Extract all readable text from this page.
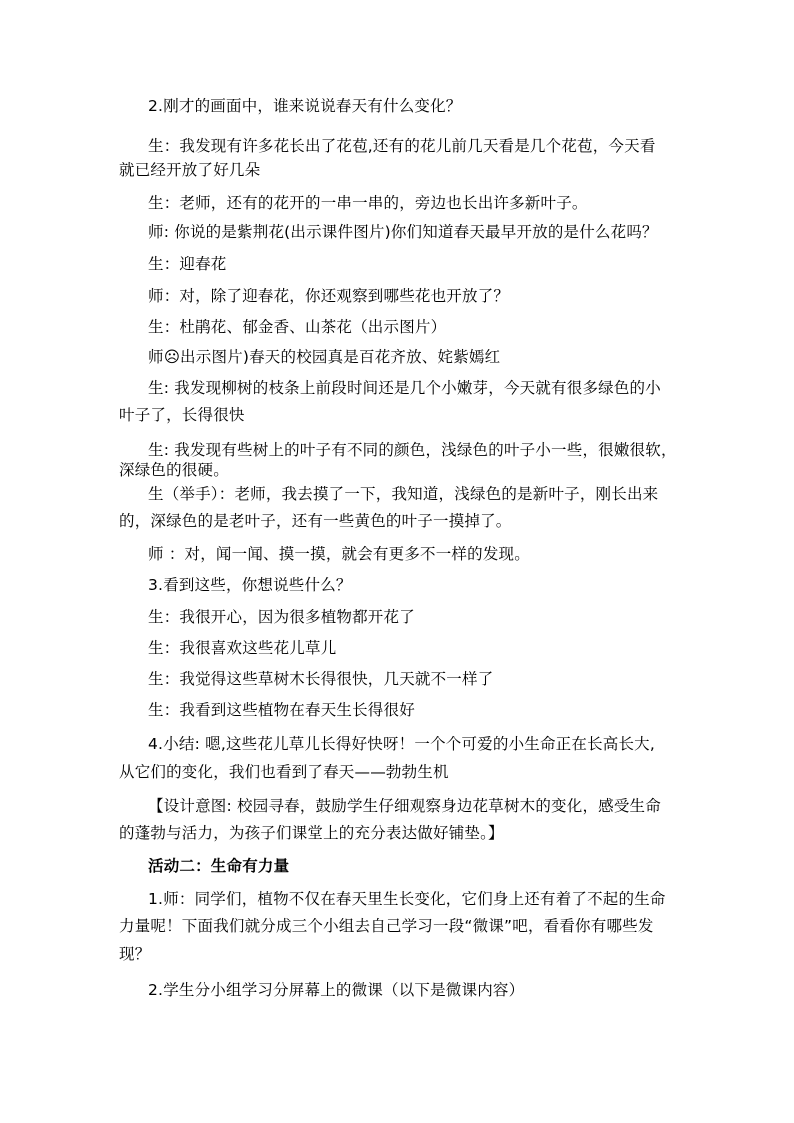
2.刚才的画面中，谁来说说春天有什么变化？
生：我发现有许多花长出了花苞,还有的花儿前几天看是几个花苞，今天看
就已经开放了好几朵
生：老师，还有的花开的一串一串的，旁边也长出许多新叶子。
师: 你说的是紫荆花(出示课件图片)你们知道春天最早开放的是什么花吗？
生：迎春花
师：对，除了迎春花，你还观察到哪些花也开放了？
生：杜鹃花、郁金香、山茶花（出示图片）
师☹出示图片)春天的校园真是百花齐放、姹紫嫣红
生: 我发现柳树的枝条上前段时间还是几个小嫩芽，今天就有很多绿色的小
叶子了，长得很快
生: 我发现有些树上的叶子有不同的颜色，浅绿色的叶子小一些，很嫩很软，
深绿色的很硬。
生（举手）：老师，我去摸了一下，我知道，浅绿色的是新叶子，刚长出来
的，深绿色的是老叶子，还有一些黄色的叶子一摸掉了。
师 ：对，闻一闻、摸一摸，就会有更多不一样的发现。
3.看到这些，你想说些什么？
生：我很开心，因为很多植物都开花了
生：我很喜欢这些花儿草儿
生：我觉得这些草树木长得很快，几天就不一样了
生：我看到这些植物在春天生长得很好
4.小结: 嗯,这些花儿草儿长得好快呀！一个个可爱的小生命正在长高长大,
从它们的变化，我们也看到了春天——勃勃生机
【设计意图: 校园寻春，鼓励学生仔细观察身边花草树木的变化，感受生命
的蓬勃与活力，为孩子们课堂上的充分表达做好铺垫。】
活动二：生命有力量
1.师：同学们，植物不仅在春天里生长变化，它们身上还有着了不起的生命
力量呢！下面我们就分成三个小组去自己学习一段“微课”吧，看看你有哪些发
现？
2.学生分小组学习分屏幕上的微课（以下是微课内容）
